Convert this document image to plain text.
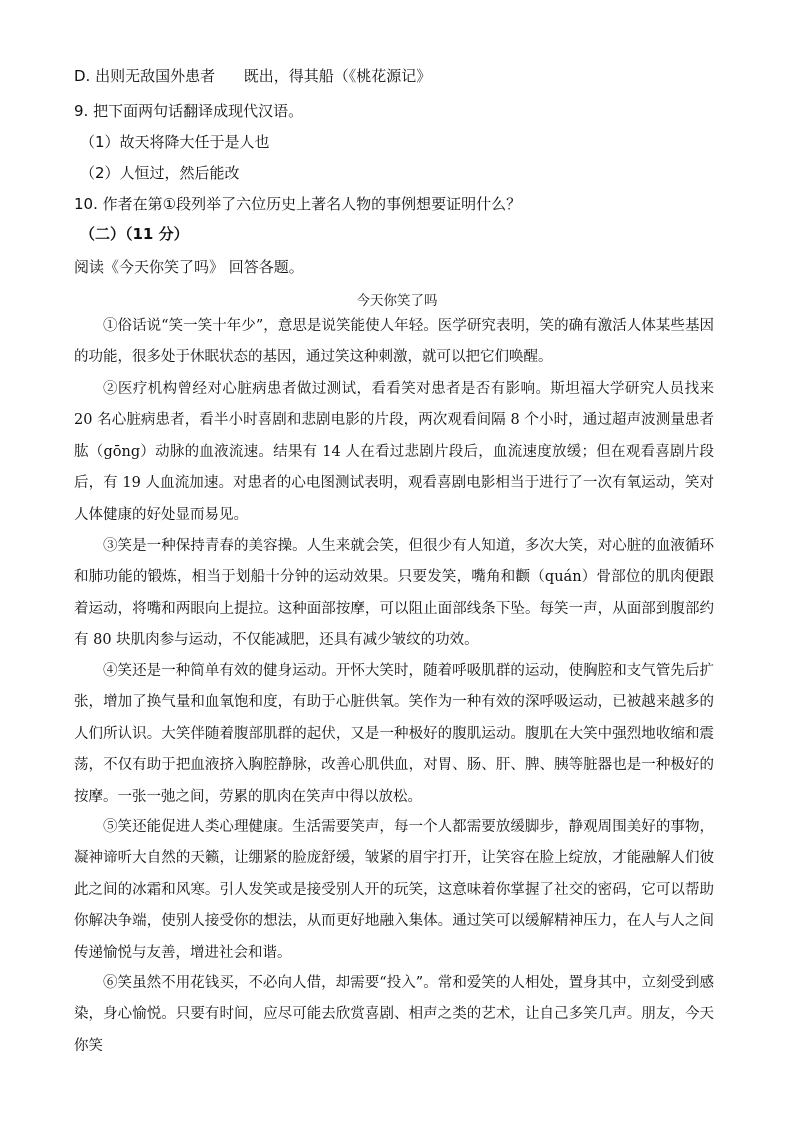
D. 出则无敌国外患者      既出，得其船（《桃花源记》
9. 把下面两句话翻译成现代汉语。
（1）故天将降大任于是人也
（2）人恒过，然后能改
10. 作者在第①段列举了六位历史上著名人物的事例想要证明什么？
（二）（11 分）
阅读《今天你笑了吗》 回答各题。
今天你笑了吗

①俗话说“笑一笑十年少”，意思是说笑能使人年轻。医学研究表明，笑的确有激活人体某些基因的功能，很多处于休眠状态的基因，通过笑这种刺激，就可以把它们唤醒。

②医疗机构曾经对心脏病患者做过测试，看看笑对患者是否有影响。斯坦福大学研究人员找来 20 名心脏病患者，看半小时喜剧和悲剧电影的片段，两次观看间隔 8 个小时，通过超声波测量患者肱（gōng）动脉的血液流速。结果有 14 人在看过悲剧片段后，血流速度放缓；但在观看喜剧片段后，有 19 人血流加速。对患者的心电图测试表明，观看喜剧电影相当于进行了一次有氧运动，笑对人体健康的好处显而易见。

③笑是一种保持青春的美容操。人生来就会笑，但很少有人知道，多次大笑，对心脏的血液循环和肺功能的锻炼，相当于划船十分钟的运动效果。只要发笑，嘴角和颧（quán）骨部位的肌肉便跟着运动，将嘴和两眼向上提拉。这种面部按摩，可以阻止面部线条下坠。每笑一声，从面部到腹部约有 80 块肌肉参与运动，不仅能减肥，还具有减少皱纹的功效。

④笑还是一种简单有效的健身运动。开怀大笑时，随着呼吸肌群的运动，使胸腔和支气管先后扩张，增加了换气量和血氧饱和度，有助于心脏供氧。笑作为一种有效的深呼吸运动，已被越来越多的人们所认识。大笑伴随着腹部肌群的起伏，又是一种极好的腹肌运动。腹肌在大笑中强烈地收缩和震荡，不仅有助于把血液挤入胸腔静脉，改善心肌供血，对胃、肠、肝、脾、胰等脏器也是一种极好的按摩。一张一弛之间，劳累的肌肉在笑声中得以放松。

⑤笑还能促进人类心理健康。生活需要笑声，每一个人都需要放缓脚步，静观周围美好的事物，凝神谛听大自然的天籁，让绷紧的脸庞舒缓，皱紧的眉宇打开，让笑容在脸上绽放，才能融解人们彼此之间的冰霜和风寒。引人发笑或是接受别人开的玩笑，这意味着你掌握了社交的密码，它可以帮助你解决争端，使别人接受你的想法，从而更好地融入集体。通过笑可以缓解精神压力，在人与人之间传递愉悦与友善，增进社会和谐。

⑥笑虽然不用花钱买，不必向人借，却需要“投入”。常和爱笑的人相处，置身其中，立刻受到感染，身心愉悦。只要有时间，应尽可能去欣赏喜剧、相声之类的艺术，让自己多笑几声。朋友，今天你笑
